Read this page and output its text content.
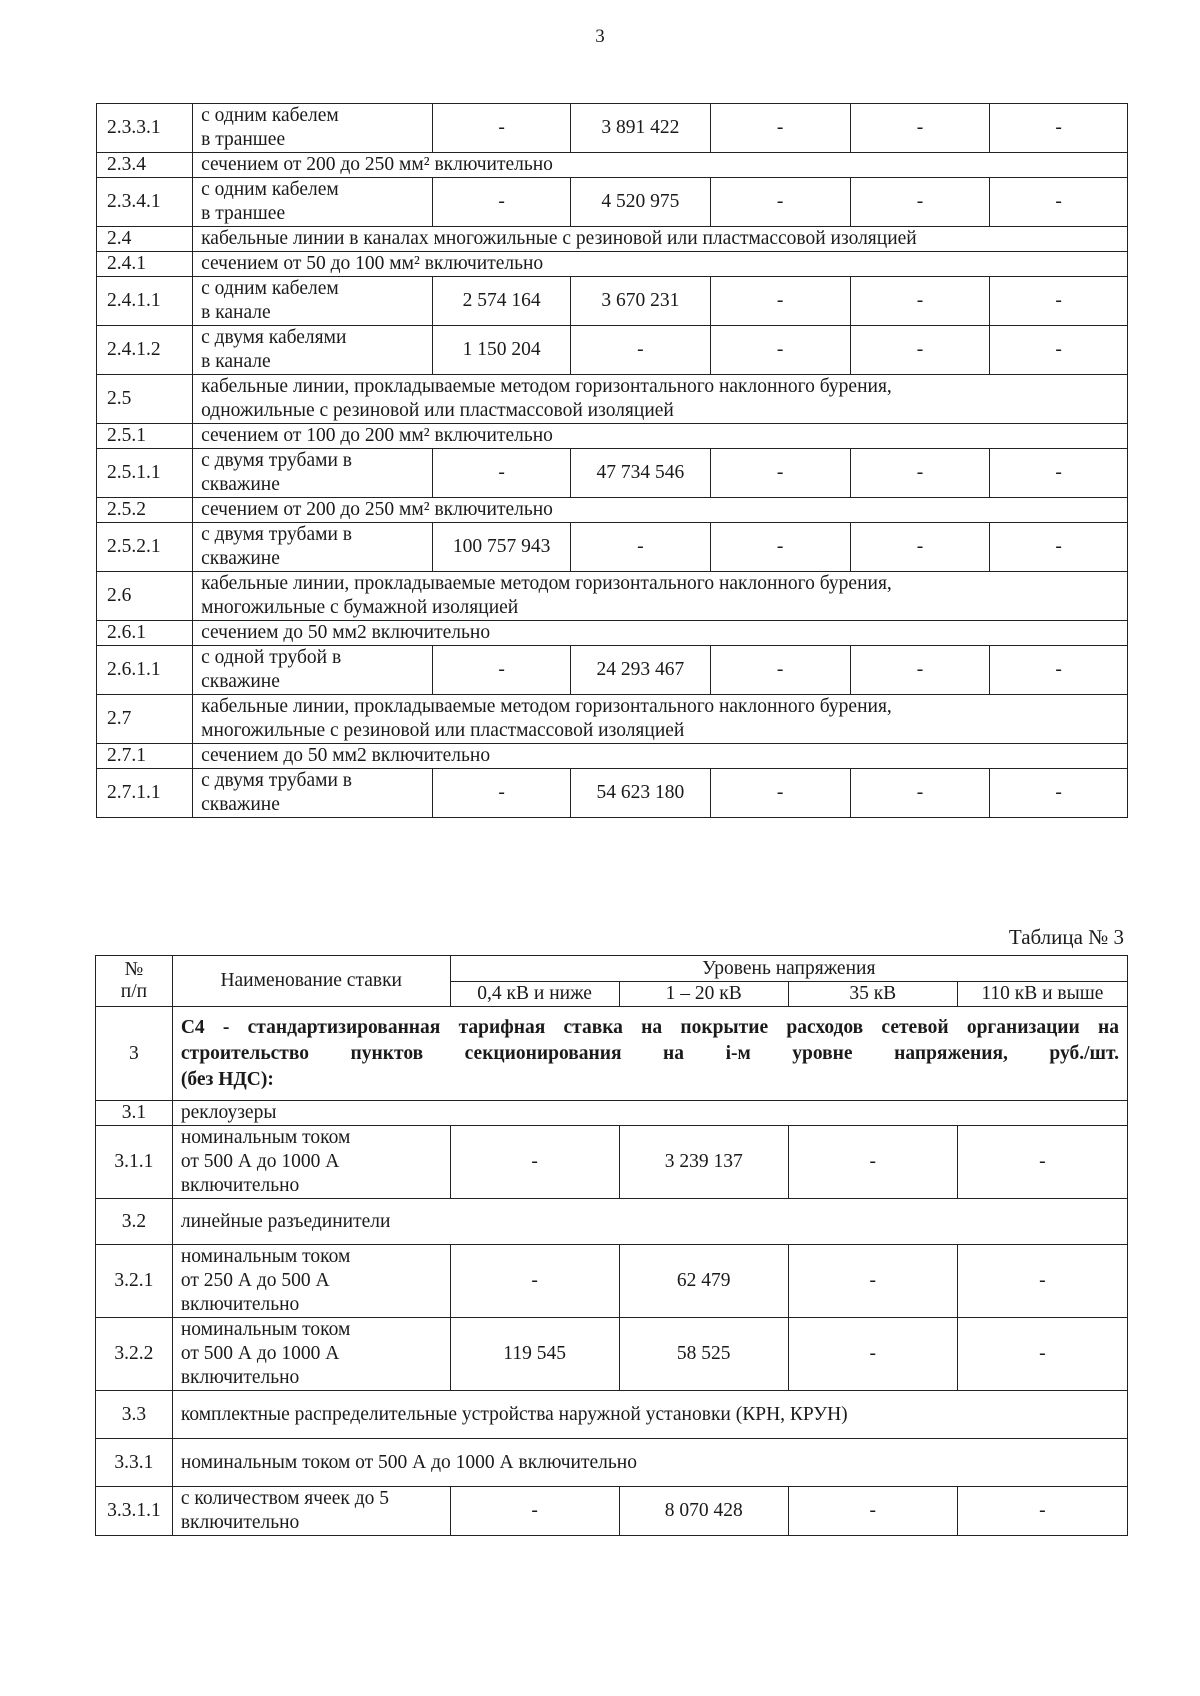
3
2.3.3.1	с одним кабелем
в траншее	-	3 891 422	-	-	-
2.3.4	сечением от 200 до 250 мм² включительно					
2.3.4.1	с одним кабелем
в траншее	-	4 520 975	-	-	-
2.4	кабельные линии в каналах многожильные с резиновой или пластмассовой изоляцией					
2.4.1	сечением от 50 до 100 мм² включительно					
2.4.1.1	с одним кабелем
в канале	2 574 164	3 670 231	-	-	-
2.4.1.2	с двумя кабелями
в канале	1 150 204	-	-	-	-
2.5	кабельные линии, прокладываемые методом горизонтального наклонного бурения,
одножильные с резиновой или пластмассовой изоляцией					

2.5.1	сечением от 100 до 200 мм² включительно					
2.5.1.1	с двумя трубами в
скважине	-	47 734 546	-	-	-
2.5.2	сечением от 200 до 250 мм² включительно					
2.5.2.1	с двумя трубами в
скважине	100 757 943	-	-	-	-
2.6	кабельные линии, прокладываемые методом горизонтального наклонного бурения,
многожильные с бумажной изоляцией					

2.6.1	сечением до 50 мм2 включительно					
2.6.1.1	с одной трубой в
скважине	-	24 293 467	-	-	-
2.7	кабельные линии, прокладываемые методом горизонтального наклонного бурения,
многожильные с резиновой или пластмассовой изоляцией					

2.7.1	сечением до 50 мм2 включительно					
2.7.1.1	с двумя трубами в
скважине	-	54 623 180	-	-	-
Таблица № 3
№
п/п	Наименование ставки	Уровень напряжения			
		0,4 кВ и ниже	1 – 20 кВ	35 кВ	110 кВ и выше
3	С4 - стандартизированная тарифная ставка на покрытие расходов сетевой организации на
строительство пунктов секционирования на i-м уровне напряжения, руб./шт.
(без НДС):				

3.1	реклоузеры				
3.1.1	номинальным током
от 500 А до 1000 А
включительно	-	3 239 137	-	-
3.2	линейные разъединители				
3.2.1	номинальным током
от 250 А до 500 А
включительно	-	62 479	-	-
3.2.2	номинальным током
от 500 А до 1000 А
включительно	119 545	58 525	-	-
3.3	комплектные распределительные устройства наружной установки (КРН, КРУН)				
3.3.1	номинальным током от 500 А до 1000 А включительно				
3.3.1.1	с количеством ячеек до 5
включительно	-	8 070 428	-	-
